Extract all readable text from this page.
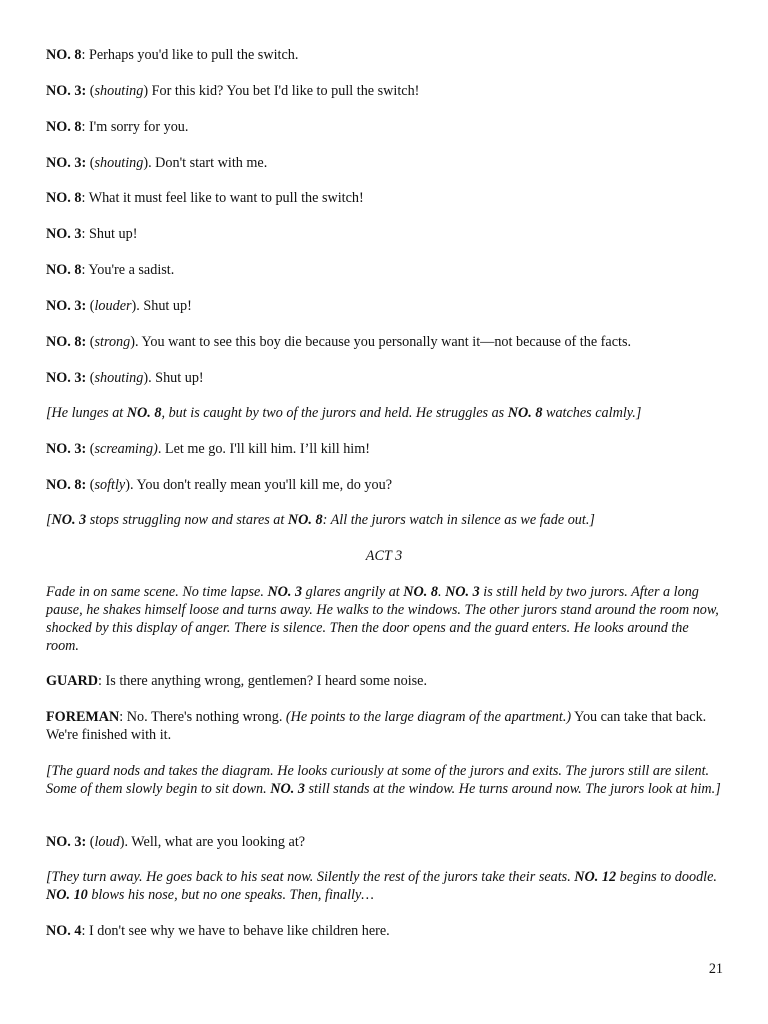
NO. 8: Perhaps you'd like to pull the switch.

NO. 3: (shouting) For this kid? You bet I'd like to pull the switch!

NO. 8: I'm sorry for you.

NO. 3: (shouting). Don't start with me.

NO. 8: What it must feel like to want to pull the switch!

NO. 3: Shut up!

NO. 8: You're a sadist.

NO. 3: (louder). Shut up!

NO. 8: (strong). You want to see this boy die because you personally want it—not because of the facts.

NO. 3: (shouting). Shut up!

[He lunges at NO. 8, but is caught by two of the jurors and held. He struggles as NO. 8 watches calmly.]

NO. 3: (screaming). Let me go. I'll kill him. I’ll kill him!

NO. 8: (softly). You don't really mean you'll kill me, do you?

[NO. 3 stops struggling now and stares at NO. 8: All the jurors watch in silence as we fade out.]

ACT 3

Fade in on same scene. No time lapse. NO. 3 glares angrily at NO. 8. NO. 3 is still held by two jurors. After a long pause, he shakes himself loose and turns away. He walks to the windows. The other jurors stand around the room now, shocked by this display of anger. There is silence. Then the door opens and the guard enters. He looks around the room.

GUARD: Is there anything wrong, gentlemen? I heard some noise.

FOREMAN: No. There's nothing wrong. (He points to the large diagram of the apartment.) You can take that back. We're finished with it.

[The guard nods and takes the diagram. He looks curiously at some of the jurors and exits. The jurors still are silent. Some of them slowly begin to sit down. NO. 3 still stands at the window. He turns around now. The jurors look at him.]

NO. 3: (loud). Well, what are you looking at?

[They turn away. He goes back to his seat now. Silently the rest of the jurors take their seats. NO. 12 begins to doodle. NO. 10 blows his nose, but no one speaks. Then, finally…

NO. 4: I don't see why we have to behave like children here.

21
